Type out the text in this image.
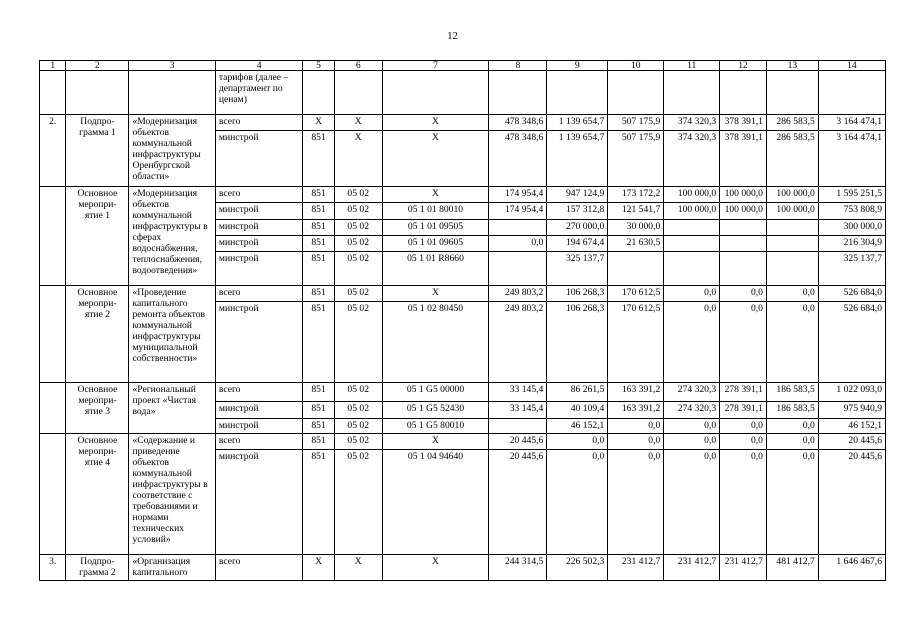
12
1	2	3	4	5	6	7	8	9	10	11	12	13	14
			тарифов (далее – департамент по ценам)										
2.	Подпро-грамма 1	«Модернизация объектов коммунальной инфраструктуры Оренбургской области»	всего	X	X	X	478 348,6	1 139 654,7	507 175,9	374 320,3	378 391,1	286 583,5	3 164 474,1
			минстрой	851	X	X	478 348,6	1 139 654,7	507 175,9	374 320,3	378 391,1	286 583,5	3 164 474,1
	Основное меропри-ятие 1	«Модернизация объектов коммунальной инфраструктуры в сферах водоснабжения, теплоснабжения, водоотведения»	всего	851	05 02	X	174 954,4	947 124,9	173 172,2	100 000,0	100 000,0	100 000,0	1 595 251,5
			минстрой	851	05 02	05 1 01 80010	174 954,4	157 312,8	121 541,7	100 000,0	100 000,0	100 000,0	753 808,9
			минстрой	851	05 02	05 1 01 09505		270 000,0	30 000,0				300 000,0
			минстрой	851	05 02	05 1 01 09605	0,0	194 674,4	21 630,5				216 304,9
			минстрой	851	05 02	05 1 01 R8660		325 137,7					325 137,7
	Основное меропри-ятие 2	«Проведение капитального ремонта объектов коммунальной инфраструктуры муниципальной собственности»	всего	851	05 02	X	249 803,2	106 268,3	170 612,5	0,0	0,0	0,0	526 684,0
			минстрой	851	05 02	05 1 02 80450	249 803,2	106 268,3	170 612,5	0,0	0,0	0,0	526 684,0
	Основное меропри-ятие 3	«Региональный проект «Чистая вода»	всего	851	05 02	05 1 G5 00000	33 145,4	86 261,5	163 391,2	274 320,3	278 391,1	186 583,5	1 022 093,0
			минстрой	851	05 02	05 1 G5 52430	33 145,4	40 109,4	163 391,2	274 320,3	278 391,1	186 583,5	975 940,9
			минстрой	851	05 02	05 1 G5 80010		46 152,1	0,0	0,0	0,0	0,0	46 152,1
	Основное меропри-ятие 4	«Содержание и приведение объектов коммунальной инфраструктуры в соответствие с требованиями и нормами технических условий»	всего	851	05 02	X	20 445,6	0,0	0,0	0,0	0,0	0,0	20 445,6
			минстрой	851	05 02	05 1 04 94640	20 445,6	0,0	0,0	0,0	0,0	0,0	20 445,6
3.	Подпро-грамма 2	«Организация капитального	всего	X	X	X	244 314,5	226 502,3	231 412,7	231 412,7	231 412,7	481 412,7	1 646 467,6
